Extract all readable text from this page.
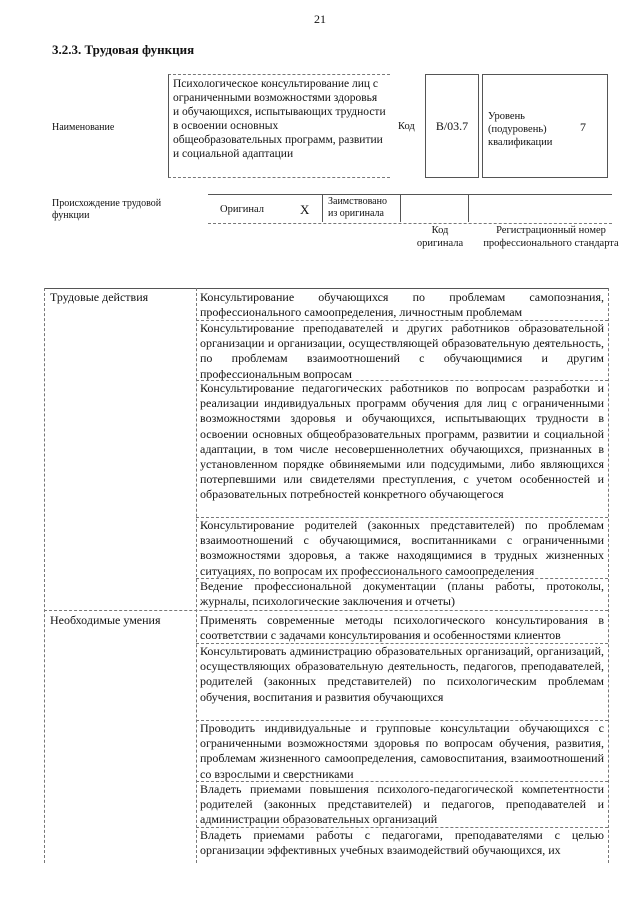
21
3.2.3. Трудовая функция
Наименование
Психологическое консультирование лиц с ограниченными возможностями здоровья и обучающихся, испытывающих трудности в освоении основных общеобразовательных программ, развитии и социальной адаптации
Код	B/03.7
Уровень (подуровень) квалификации
7
Происхождение трудовой функции
Оригинал	X
Заимствовано из оригинала
Код оригинала
Регистрационный номер профессионального стандарта
Трудовые действия	Консультирование обучающихся по проблемам самопознания, профессионального самоопределения, личностным проблемам
Консультирование преподавателей и других работников образовательной организации и организации, осуществляющей образовательную деятельность, по проблемам взаимоотношений с обучающимися и другим профессиональным вопросам
Консультирование педагогических работников по вопросам разработки и реализации индивидуальных программ обучения для лиц с ограниченными возможностями здоровья и обучающихся, испытывающих трудности в освоении основных общеобразовательных программ, развитии и социальной адаптации, в том числе несовершеннолетних обучающихся, признанных в установленном порядке обвиняемыми или подсудимыми, либо являющихся потерпевшими или свидетелями преступления, с учетом особенностей и образовательных потребностей конкретного обучающегося
Консультирование родителей (законных представителей) по проблемам взаимоотношений с обучающимися, воспитанниками с ограниченными возможностями здоровья, а также находящимися в трудных жизненных ситуациях, по вопросам их профессионального самоопределения
Ведение профессиональной документации (планы работы, протоколы, журналы, психологические заключения и отчеты)
Необходимые умения	Применять современные методы психологического консультирования в соответствии с задачами консультирования и особенностями клиентов
Консультировать администрацию образовательных организаций, организаций, осуществляющих образовательную деятельность, педагогов, преподавателей, родителей (законных представителей) по психологическим проблемам обучения, воспитания и развития обучающихся
Проводить индивидуальные и групповые консультации обучающихся с ограниченными возможностями здоровья по вопросам обучения, развития, проблемам жизненного самоопределения, самовоспитания, взаимоотношений со взрослыми и сверстниками
Владеть приемами повышения психолого-педагогической компетентности родителей (законных представителей) и педагогов, преподавателей и администрации образовательных организаций
Владеть приемами работы с педагогами, преподавателями с целью организации эффективных учебных взаимодействий обучающихся, их
